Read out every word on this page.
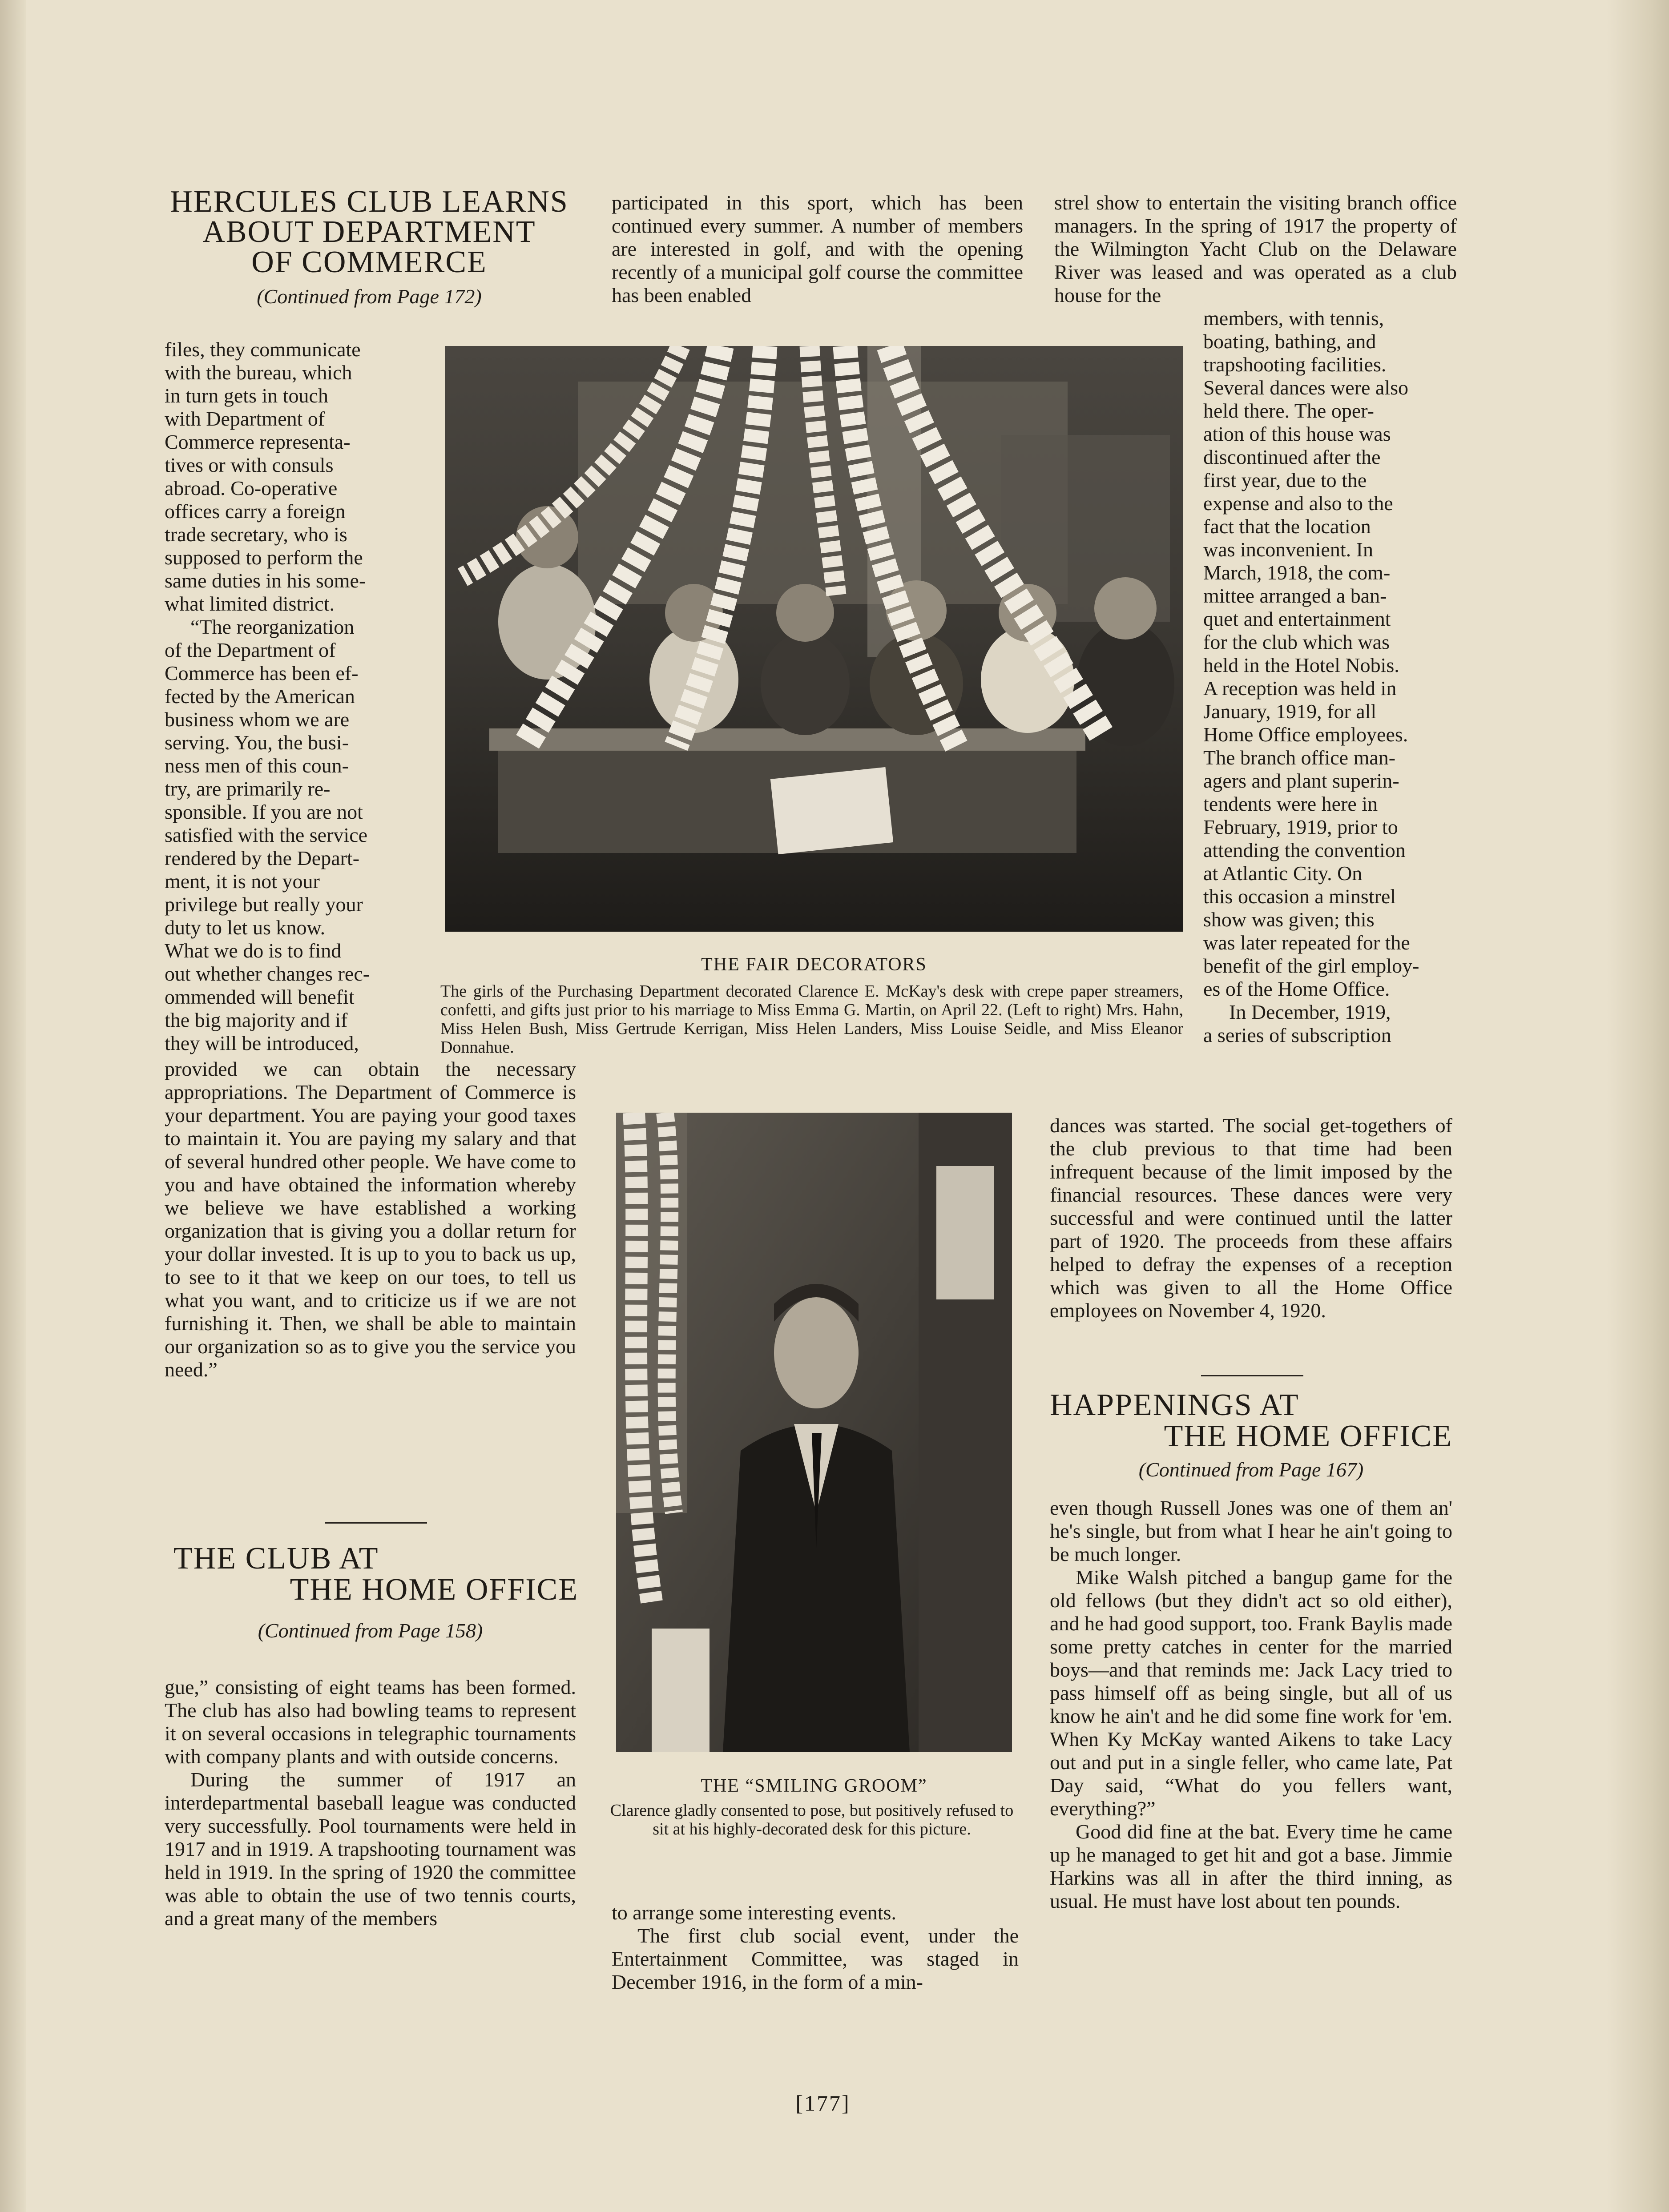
HERCULES CLUB LEARNS
ABOUT DEPARTMENT
OF COMMERCE
(Continued from Page 172)

files, they communicate

with the bureau, which

in turn gets in touch

with Department of

Commerce representa-

tives or with consuls

abroad. Co-operative

offices carry a foreign

trade secretary, who is

supposed to perform the

same duties in his some-

what limited district.

“The reorganization

of the Department of

Commerce has been ef-

fected by the American

business whom we are

serving. You, the busi-

ness men of this coun-

try, are primarily re-

sponsible. If you are not

satisfied with the service

rendered by the Depart-

ment, it is not your

privilege but really your

duty to let us know.

What we do is to find

out whether changes rec-

ommended will benefit

the big majority and if

they will be introduced,

provided we can obtain the necessary appropriations. The Department of Commerce is your department. You are paying your good taxes to maintain it. You are paying my salary and that of several hundred other people. We have come to you and have obtained the information whereby we believe we have established a working organization that is giving you a dollar return for your dollar invested. It is up to you to back us up, to see to it that we keep on our toes, to tell us what you want, and to criticize us if we are not furnishing it. Then, we shall be able to maintain our organization so as to give you the service you need.”

THE CLUB AT
THE HOME OFFICE
(Continued from Page 158)

gue,” consisting of eight teams has been formed. The club has also had bowling teams to represent it on several occasions in telegraphic tournaments with company plants and with outside concerns.

During the summer of 1917 an interdepartmental baseball league was conducted very successfully. Pool tournaments were held in 1917 and in 1919. A trapshooting tournament was held in 1919. In the spring of 1920 the committee was able to obtain the use of two tennis courts, and a great many of the members

participated in this sport, which has been continued every summer. A number of members are interested in golf, and with the opening recently of a municipal golf course the committee has been enabled

THE FAIR DECORATORS
The girls of the Purchasing Department decorated Clarence E. McKay's desk with crepe paper streamers, confetti, and gifts just prior to his marriage to Miss Emma G. Martin, on April 22. (Left to right) Mrs. Hahn, Miss Helen Bush, Miss Gertrude Kerrigan, Miss Helen Landers, Miss Louise Seidle, and Miss Eleanor Donnahue.
THE “SMILING GROOM”
Clarence gladly consented to pose, but positively refused to sit at his highly-decorated desk for this picture.

to arrange some interesting events.

The first club social event, under the Entertainment Committee, was staged in December 1916, in the form of a min-

strel show to entertain the visiting branch office managers. In the spring of 1917 the property of the Wilmington Yacht Club on the Delaware River was leased and was operated as a club house for the

members, with tennis,

boating, bathing, and

trapshooting facilities.

Several dances were also

held there. The oper-

ation of this house was

discontinued after the

first year, due to the

expense and also to the

fact that the location

was inconvenient. In

March, 1918, the com-

mittee arranged a ban-

quet and entertainment

for the club which was

held in the Hotel Nobis.

A reception was held in

January, 1919, for all

Home Office employees.

The branch office man-

agers and plant superin-

tendents were here in

February, 1919, prior to

attending the convention

at Atlantic City. On

this occasion a minstrel

show was given; this

was later repeated for the

benefit of the girl employ-

es of the Home Office.

In December, 1919,

a series of subscription

dances was started. The social get-togethers of the club previous to that time had been infrequent because of the limit imposed by the financial resources. These dances were very successful and were continued until the latter part of 1920. The proceeds from these affairs helped to defray the expenses of a reception which was given to all the Home Office employees on November 4, 1920.

HAPPENINGS AT
THE HOME OFFICE
(Continued from Page 167)

even though Russell Jones was one of them an' he's single, but from what I hear he ain't going to be much longer.

Mike Walsh pitched a bangup game for the old fellows (but they didn't act so old either), and he had good support, too. Frank Baylis made some pretty catches in center for the married boys—and that reminds me: Jack Lacy tried to pass himself off as being single, but all of us know he ain't and he did some fine work for 'em. When Ky McKay wanted Aikens to take Lacy out and put in a single feller, who came late, Pat Day said, “What do you fellers want, everything?”

Good did fine at the bat. Every time he came up he managed to get hit and got a base. Jimmie Harkins was all in after the third inning, as usual. He must have lost about ten pounds.

[177]
